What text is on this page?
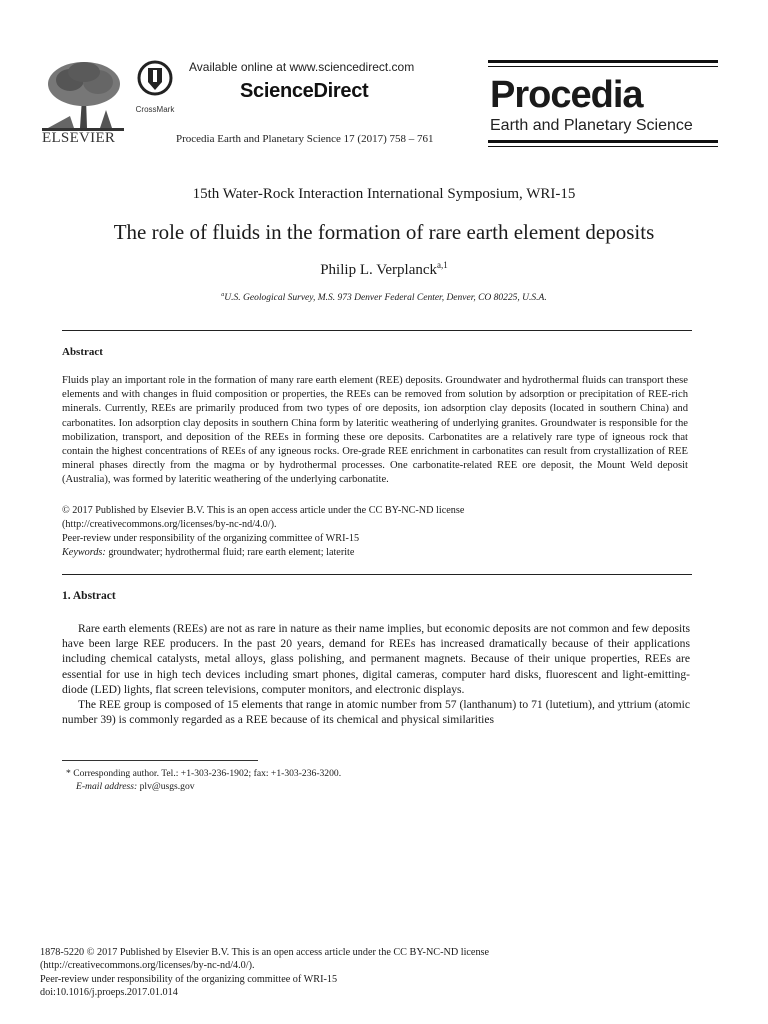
ELSEVIER
CrossMark
Available online at www.sciencedirect.com
ScienceDirect
Procedia Earth and Planetary Science 17 (2017) 758 – 761
Procedia
Earth and Planetary Science
15th Water-Rock Interaction International Symposium, WRI-15
The role of fluids in the formation of rare earth element deposits
Philip L. Verplanck$^{a,1}$
$^a$U.S. Geological Survey, M.S. 973 Denver Federal Center, Denver, CO 80225, U.S.A.
Abstract
Fluids play an important role in the formation of many rare earth element (REE) deposits. Groundwater and hydrothermal fluids can transport these elements and with changes in fluid composition or properties, the REEs can be removed from solution by adsorption or precipitation of REE-rich minerals. Currently, REEs are primarily produced from two types of ore deposits, ion adsorption clay deposits (located in southern China) and carbonatites. Ion adsorption clay deposits in southern China form by lateritic weathering of underlying granites. Groundwater is responsible for the mobilization, transport, and deposition of the REEs in forming these ore deposits. Carbonatites are a relatively rare type of igneous rock that contain the highest concentrations of REEs of any igneous rocks. Ore-grade REE enrichment in carbonatites can result from crystallization of REE mineral phases directly from the magma or by hydrothermal processes. One carbonatite-related REE ore deposit, the Mount Weld deposit (Australia), was formed by lateritic weathering of the underlying carbonatite.
© 2017 Published by Elsevier B.V. This is an open access article under the CC BY-NC-ND license
(http://creativecommons.org/licenses/by-nc-nd/4.0/).
Peer-review under responsibility of the organizing committee of WRI-15
Keywords: groundwater; hydrothermal fluid; rare earth element; laterite
1. Abstract

Rare earth elements (REEs) are not as rare in nature as their name implies, but economic deposits are not common and few deposits have been large REE producers. In the past 20 years, demand for REEs has increased dramatically because of their applications including chemical catalysts, metal alloys, glass polishing, and permanent magnets. Because of their unique properties, REEs are essential for use in high tech devices including smart phones, digital cameras, computer hard disks, fluorescent and light-emitting-diode (LED) lights, flat screen televisions, computer monitors, and electronic displays.

The REE group is composed of 15 elements that range in atomic number from 57 (lanthanum) to 71 (lutetium), and yttrium (atomic number 39) is commonly regarded as a REE because of its chemical and physical similarities

* Corresponding author. Tel.: +1-303-236-1902; fax: +1-303-236-3200.
E-mail address: plv@usgs.gov
1878-5220 © 2017 Published by Elsevier B.V. This is an open access article under the CC BY-NC-ND license
(http://creativecommons.org/licenses/by-nc-nd/4.0/).
Peer-review under responsibility of the organizing committee of WRI-15
doi:10.1016/j.proeps.2017.01.014
